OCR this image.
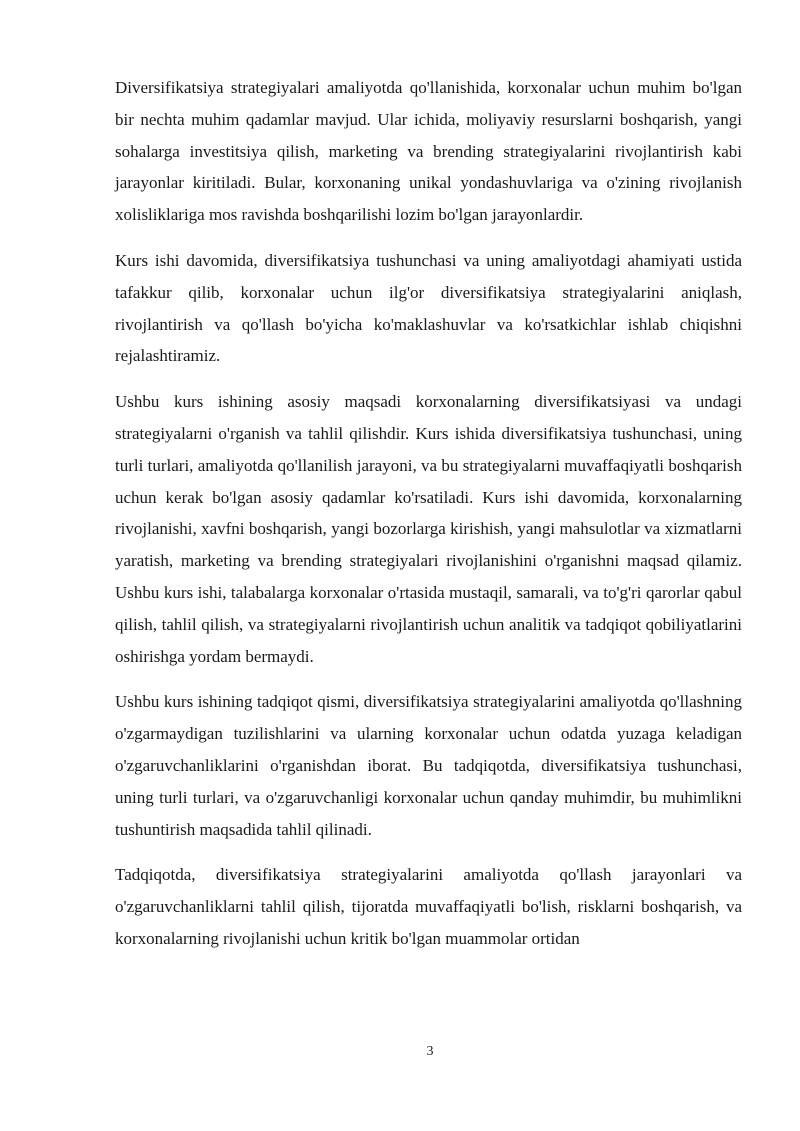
Diversifikatsiya strategiyalari amaliyotda qo'llanishida, korxonalar uchun muhim bo'lgan bir nechta muhim qadamlar mavjud. Ular ichida, moliyaviy resurslarni boshqarish, yangi sohalarga investitsiya qilish, marketing va brending strategiyalarini rivojlantirish kabi jarayonlar kiritiladi. Bular, korxonaning unikal yondashuvlariga va o'zining rivojlanish xolisliklariga mos ravishda boshqarilishi lozim bo'lgan jarayonlardir.

Kurs ishi davomida, diversifikatsiya tushunchasi va uning amaliyotdagi ahamiyati ustida tafakkur qilib, korxonalar uchun ilg'or diversifikatsiya strategiyalarini aniqlash, rivojlantirish va qo'llash bo'yicha ko'maklashuvlar va ko'rsatkichlar ishlab chiqishni rejalashtiramiz.

Ushbu kurs ishining asosiy maqsadi korxonalarning diversifikatsiyasi va undagi strategiyalarni o'rganish va tahlil qilishdir. Kurs ishida diversifikatsiya tushunchasi, uning turli turlari, amaliyotda qo'llanilish jarayoni, va bu strategiyalarni muvaffaqiyatli boshqarish uchun kerak bo'lgan asosiy qadamlar ko'rsatiladi. Kurs ishi davomida, korxonalarning rivojlanishi, xavfni boshqarish, yangi bozorlarga kirishish, yangi mahsulotlar va xizmatlarni yaratish, marketing va brending strategiyalari rivojlanishini o'rganishni maqsad qilamiz. Ushbu kurs ishi, talabalarga korxonalar o'rtasida mustaqil, samarali, va to'g'ri qarorlar qabul qilish, tahlil qilish, va strategiyalarni rivojlantirish uchun analitik va tadqiqot qobiliyatlarini oshirishga yordam bermaydi.

Ushbu kurs ishining tadqiqot qismi, diversifikatsiya strategiyalarini amaliyotda qo'llashning o'zgarmaydigan tuzilishlarini va ularning korxonalar uchun odatda yuzaga keladigan o'zgaruvchanliklarini o'rganishdan iborat. Bu tadqiqotda, diversifikatsiya tushunchasi, uning turli turlari, va o'zgaruvchanligi korxonalar uchun qanday muhimdir, bu muhimlikni tushuntirish maqsadida tahlil qilinadi.

Tadqiqotda, diversifikatsiya strategiyalarini amaliyotda qo'llash jarayonlari va o'zgaruvchanliklarni tahlil qilish, tijoratda muvaffaqiyatli bo'lish, risklarni boshqarish, va korxonalarning rivojlanishi uchun kritik bo'lgan muammolar ortidan

3
